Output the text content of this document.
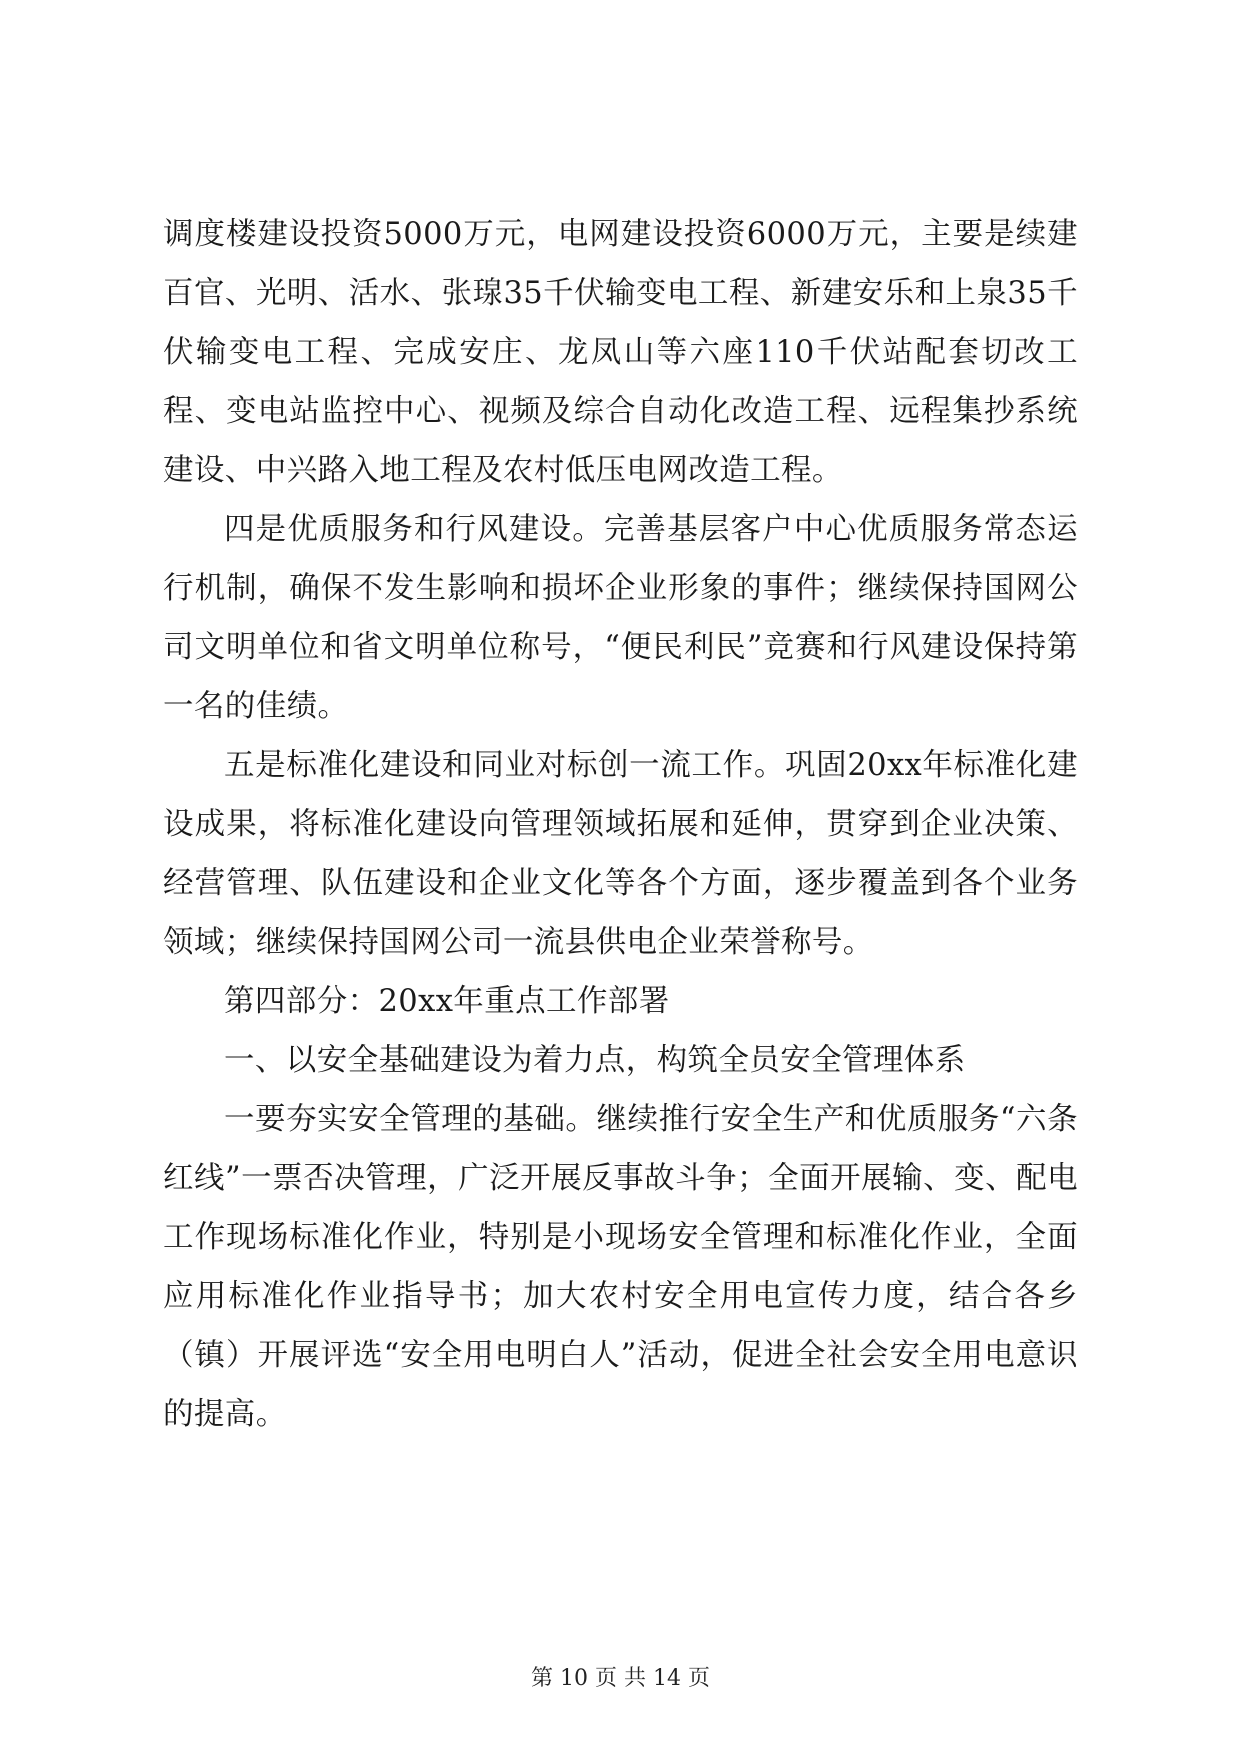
调度楼建设投资5000万元，电网建设投资6000万元，主要是续建百官、光明、活水、张瑔35千伏输变电工程、新建安乐和上泉35千伏输变电工程、完成安庄、龙凤山等六座110千伏站配套切改工程、变电站监控中心、视频及综合自动化改造工程、远程集抄系统建设、中兴路入地工程及农村低压电网改造工程。

四是优质服务和行风建设。完善基层客户中心优质服务常态运行机制，确保不发生影响和损坏企业形象的事件；继续保持国网公司文明单位和省文明单位称号，“便民利民”竞赛和行风建设保持第一名的佳绩。

五是标准化建设和同业对标创一流工作。巩固20xx年标准化建设成果，将标准化建设向管理领域拓展和延伸，贯穿到企业决策、经营管理、队伍建设和企业文化等各个方面，逐步覆盖到各个业务领域；继续保持国网公司一流县供电企业荣誉称号。

第四部分：20xx年重点工作部署

一、以安全基础建设为着力点，构筑全员安全管理体系

一要夯实安全管理的基础。继续推行安全生产和优质服务“六条红线”一票否决管理，广泛开展反事故斗争；全面开展输、变、配电工作现场标准化作业，特别是小现场安全管理和标准化作业，全面应用标准化作业指导书；加大农村安全用电宣传力度，结合各乡（镇）开展评选“安全用电明白人”活动，促进全社会安全用电意识的提高。

第 10 页 共 14 页
